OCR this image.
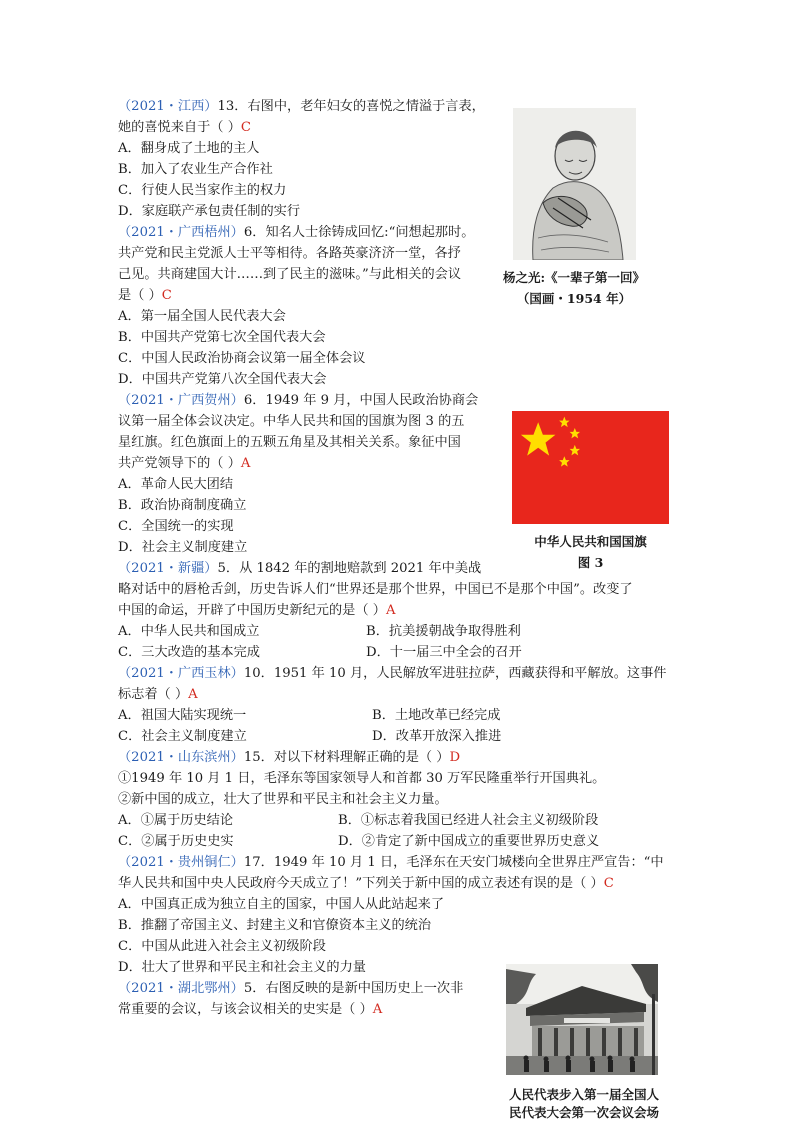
（2021・江西）13．右图中，老年妇女的喜悦之情溢于言表，
她的喜悦来自于（ ）C
A．翻身成了土地的主人
B．加入了农业生产合作社
C．行使人民当家作主的权力
D．家庭联产承包责任制的实行
（2021・广西梧州）6．知名人士徐铸成回忆:“问想起那时。
共产党和民主党派人士平等相待。各路英豪济济一堂，各抒
己见。共商建国大计……到了民主的滋味。”与此相关的会议
是（ ）C
A．第一届全国人民代表大会
B．中国共产党第七次全国代表大会
C．中国人民政治协商会议第一届全体会议
D．中国共产党第八次全国代表大会
（2021・广西贺州）6．1949 年 9 月，中国人民政治协商会
议第一届全体会议决定。中华人民共和国的国旗为图 3 的五
星红旗。红色旗面上的五颗五角星及其相关关系。象征中国
共产党领导下的（ ）A
A．革命人民大团结
B．政治协商制度确立
C．全国统一的实现
D．社会主义制度建立
（2021・新疆）5．从 1842 年的割地赔款到 2021 年中美战
略对话中的唇枪舌剑，历史告诉人们“世界还是那个世界，中国已不是那个中国”。改变了
中国的命运，开辟了中国历史新纪元的是（ ）A
A．中华人民共和国成立	B．抗美援朝战争取得胜利
C．三大改造的基本完成	D．十一届三中全会的召开
（2021・广西玉林）10．1951 年 10 月，人民解放军进驻拉萨，西藏获得和平解放。这事件
标志着（ ）A
A．祖国大陆实现统一	B．土地改革已经完成
C．社会主义制度建立	D．改革开放深入推进
（2021・山东滨州）15．对以下材料理解正确的是（ ）D
①1949 年 10 月 1 日，毛泽东等国家领导人和首都 30 万军民隆重举行开国典礼。
②新中国的成立，壮大了世界和平民主和社会主义力量。
A．①属于历史结论	B．①标志着我国已经进人社会主义初级阶段
C．②属于历史史实	D．②肯定了新中国成立的重要世界历史意义
（2021・贵州铜仁）17．1949 年 10 月 1 日，毛泽东在天安门城楼向全世界庄严宣告：“中
华人民共和国中央人民政府今天成立了！”下列关于新中国的成立表述有误的是（ ）C
A．中国真正成为独立自主的国家，中国人从此站起来了
B．推翻了帝国主义、封建主义和官僚资本主义的统治
C．中国从此进入社会主义初级阶段
D．壮大了世界和平民主和社会主义的力量
（2021・湖北鄂州）5．右图反映的是新中国历史上一次非
常重要的会议，与该会议相关的史实是（ ）A
杨之光:《一辈子第一回》
（国画・1954 年）
中华人民共和国国旗
图 3
人民代表步入第一届全国人
民代表大会第一次会议会场
